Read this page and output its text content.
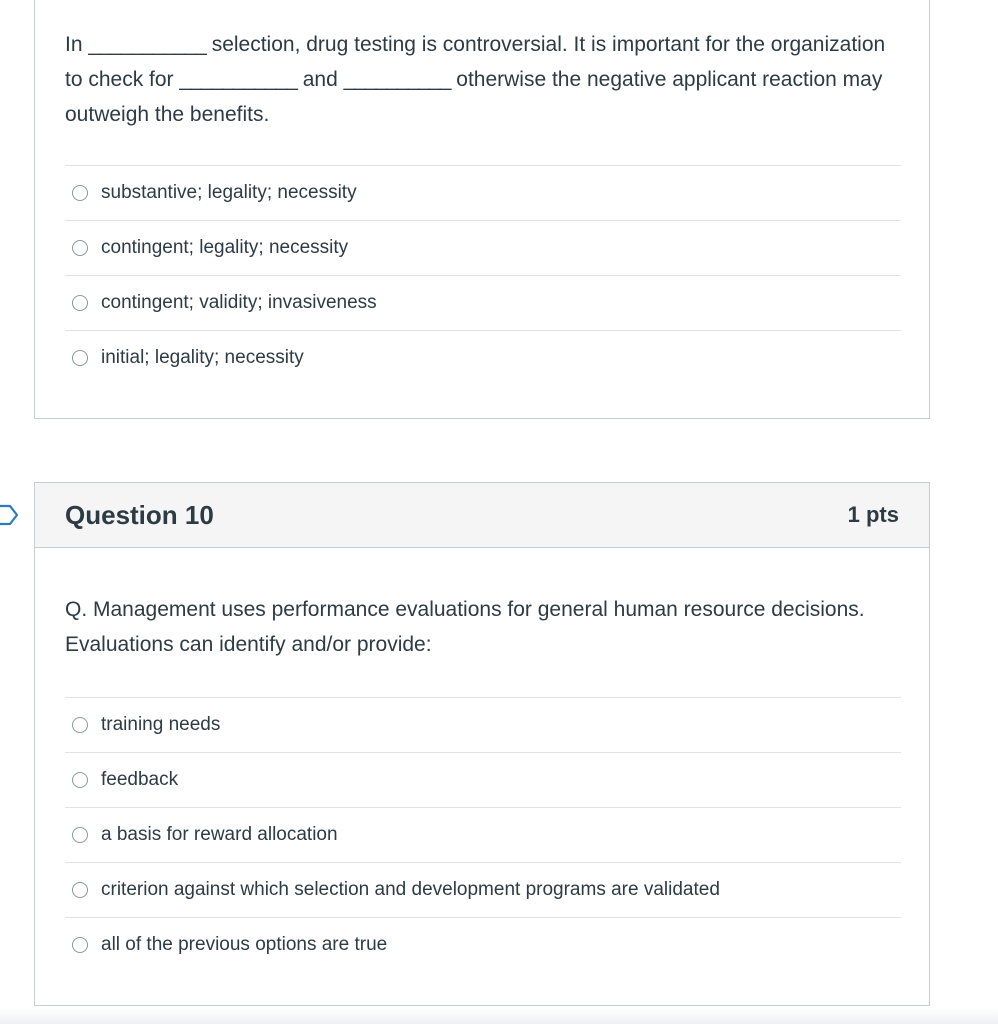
In ___________ selection, drug testing is controversial. It is important for the organization to check for ___________ and __________ otherwise the negative applicant reaction may outweigh the benefits.
substantive; legality; necessity
contingent; legality; necessity
contingent; validity; invasiveness
initial; legality; necessity
Question 10	1 pts
Q. Management uses performance evaluations for general human resource decisions. Evaluations can identify and/or provide:
training needs
feedback
a basis for reward allocation
criterion against which selection and development programs are validated
all of the previous options are true
